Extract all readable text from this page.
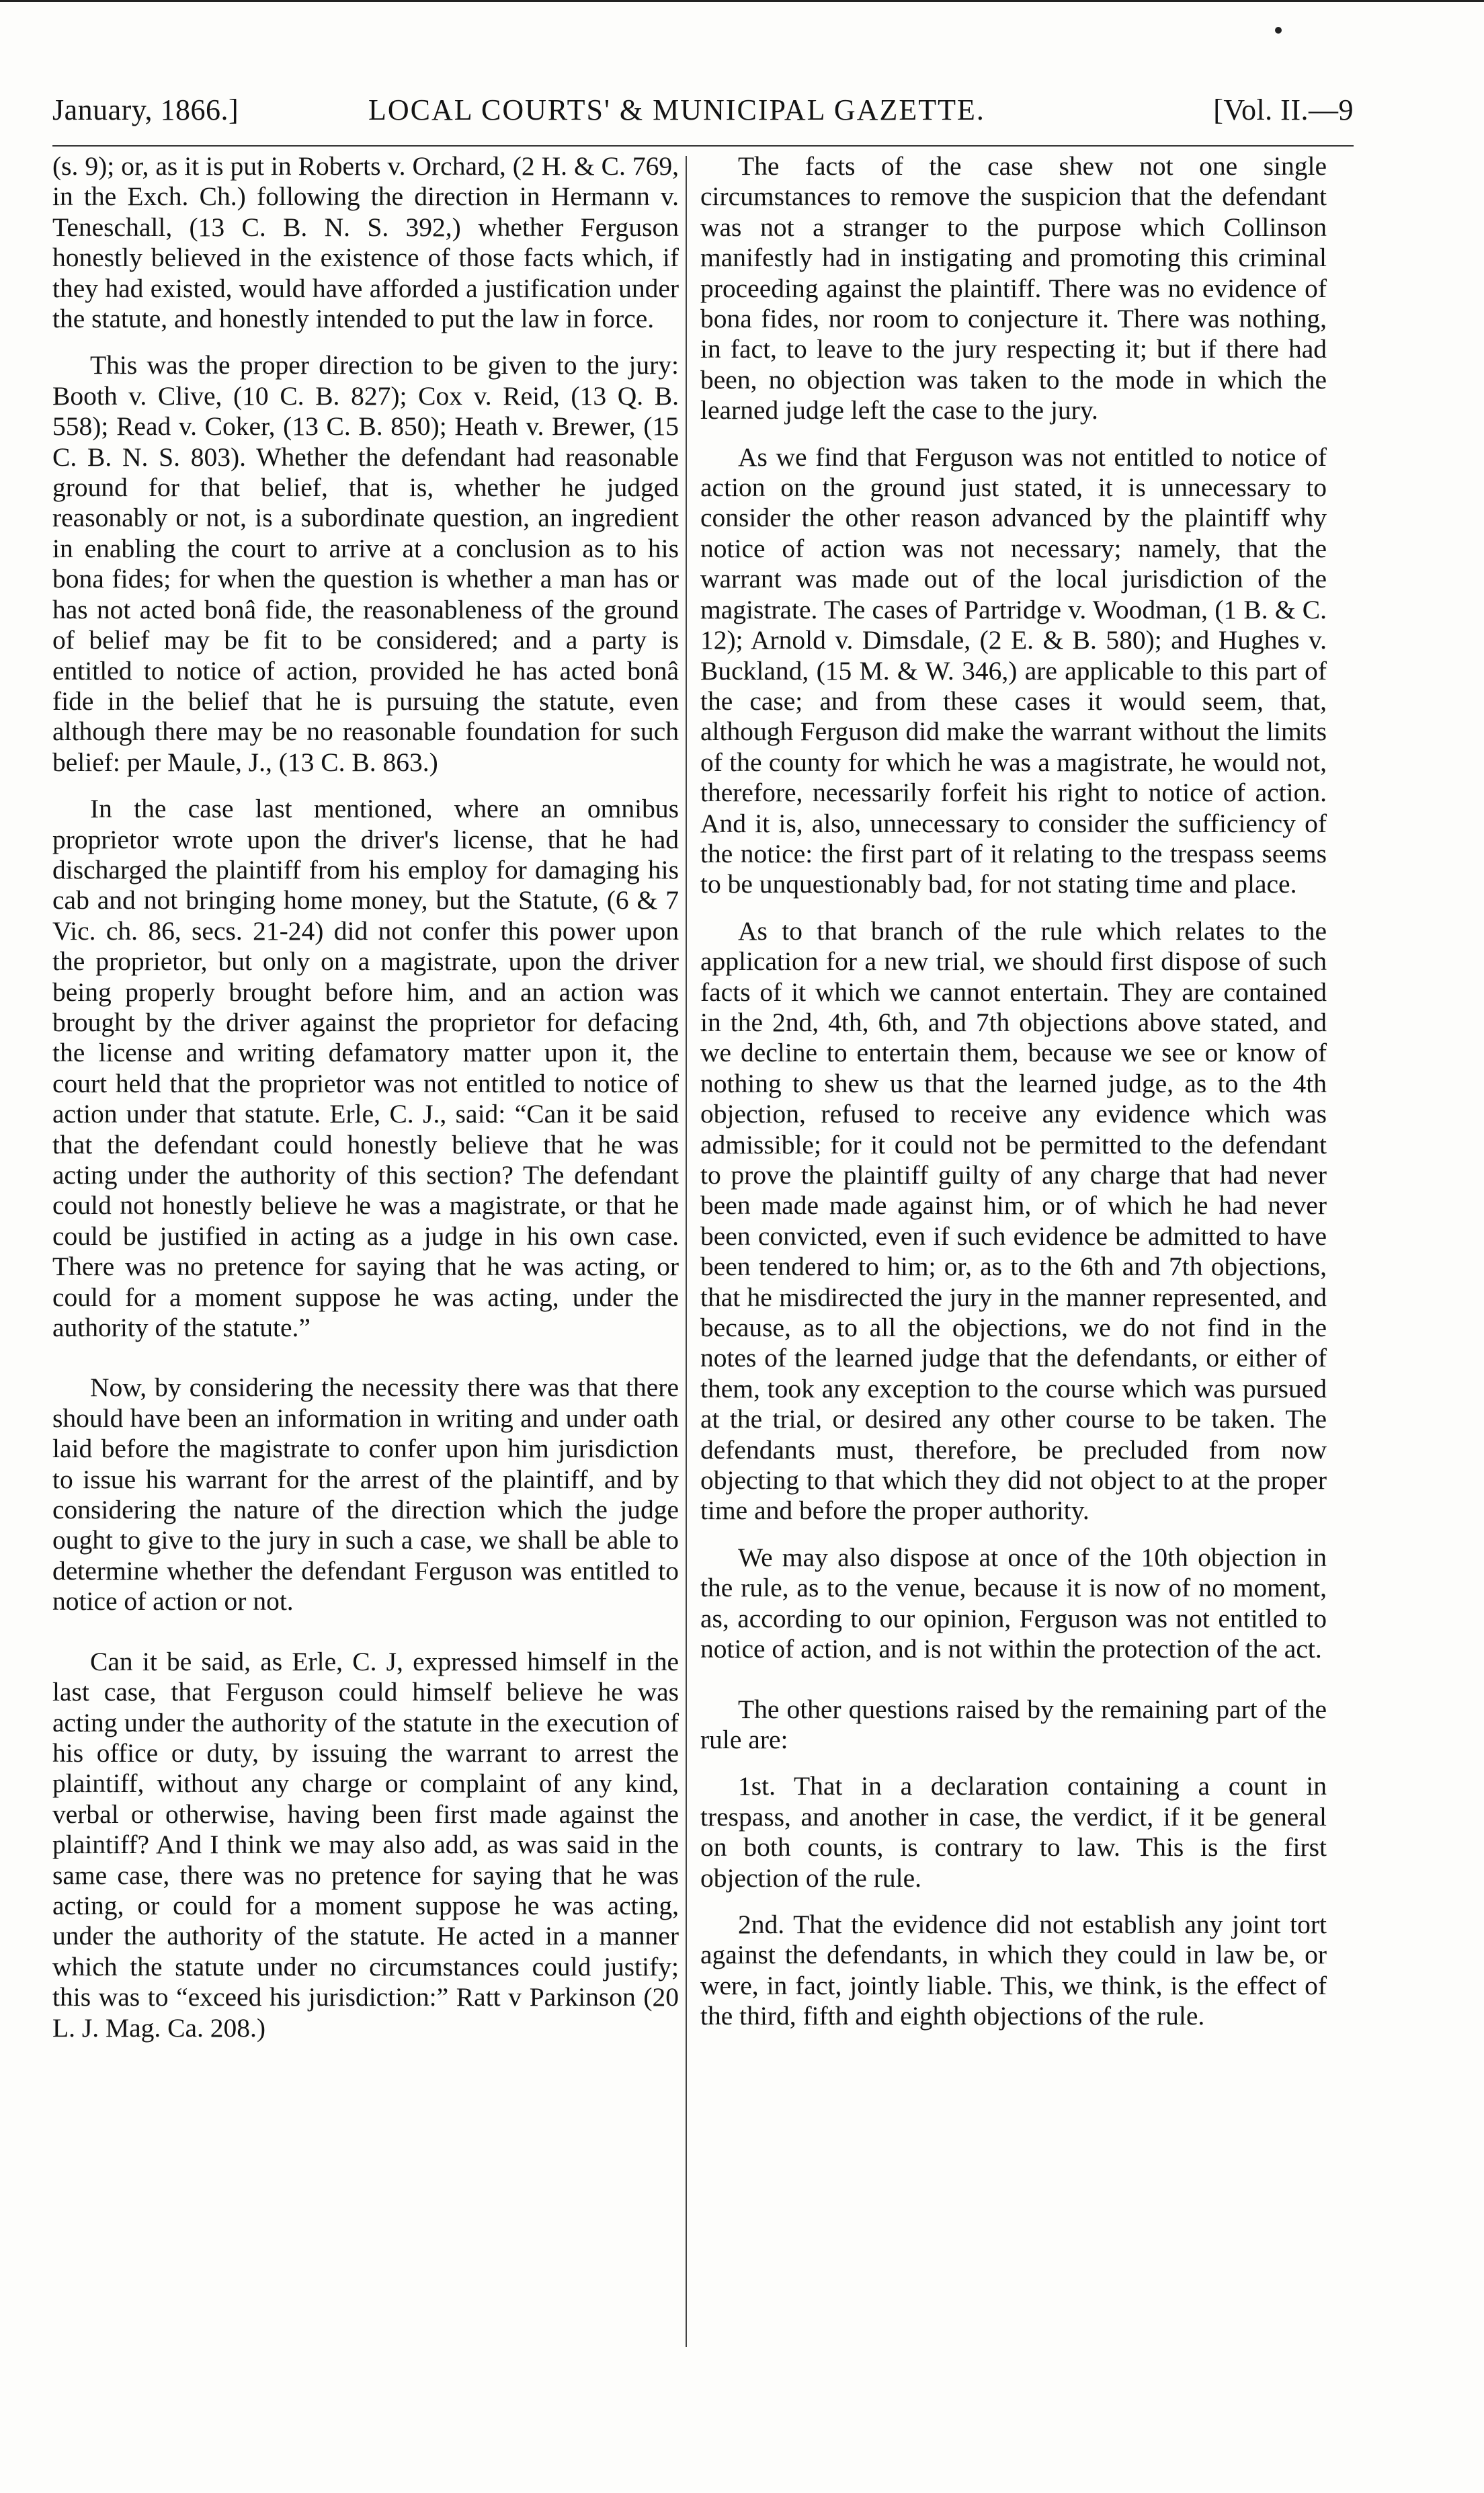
January, 1866.]	LOCAL COURTS' & MUNICIPAL GAZETTE.	[Vol. II.—9

(s. 9); or, as it is put in Roberts v. Orchard, (2 H. & C. 769, in the Exch. Ch.) following the direction in Hermann v. Teneschall, (13 C. B. N. S. 392,) whether Ferguson honestly believed in the existence of those facts which, if they had existed, would have afforded a justification under the statute, and honestly intended to put the law in force.

This was the proper direction to be given to the jury: Booth v. Clive, (10 C. B. 827); Cox v. Reid, (13 Q. B. 558); Read v. Coker, (13 C. B. 850); Heath v. Brewer, (15 C. B. N. S. 803). Whether the defendant had reasonable ground for that belief, that is, whether he judged reasonably or not, is a subordinate question, an ingredient in enabling the court to arrive at a conclusion as to his bona fides; for when the question is whether a man has or has not acted bonâ fide, the reasonableness of the ground of belief may be fit to be considered; and a party is entitled to notice of action, provided he has acted bonâ fide in the belief that he is pursuing the statute, even although there may be no reasonable foundation for such belief: per Maule, J., (13 C. B. 863.)

In the case last mentioned, where an omnibus proprietor wrote upon the driver's license, that he had discharged the plaintiff from his employ for damaging his cab and not bringing home money, but the Statute, (6 & 7 Vic. ch. 86, secs. 21-24) did not confer this power upon the proprietor, but only on a magistrate, upon the driver being properly brought before him, and an action was brought by the driver against the proprietor for defacing the license and writing defamatory matter upon it, the court held that the proprietor was not entitled to notice of action under that statute. Erle, C. J., said: “Can it be said that the defendant could honestly believe that he was acting under the authority of this section? The defendant could not honestly believe he was a magistrate, or that he could be justified in acting as a judge in his own case. There was no pretence for saying that he was acting, or could for a moment suppose he was acting, under the authority of the statute.”

Now, by considering the necessity there was that there should have been an information in writing and under oath laid before the magistrate to confer upon him jurisdiction to issue his warrant for the arrest of the plaintiff, and by considering the nature of the direction which the judge ought to give to the jury in such a case, we shall be able to determine whether the defendant Ferguson was entitled to notice of action or not.

Can it be said, as Erle, C. J, expressed himself in the last case, that Ferguson could himself believe he was acting under the authority of the statute in the execution of his office or duty, by issuing the warrant to arrest the plaintiff, without any charge or complaint of any kind, verbal or otherwise, having been first made against the plaintiff? And I think we may also add, as was said in the same case, there was no pretence for saying that he was acting, or could for a moment suppose he was acting, under the authority of the statute. He acted in a manner which the statute under no circumstances could justify; this was to “exceed his jurisdiction:” Ratt v Parkinson (20 L. J. Mag. Ca. 208.)

The facts of the case shew not one single circumstances to remove the suspicion that the defendant was not a stranger to the purpose which Collinson manifestly had in instigating and promoting this criminal proceeding against the plaintiff. There was no evidence of bona fides, nor room to conjecture it. There was nothing, in fact, to leave to the jury respecting it; but if there had been, no objection was taken to the mode in which the learned judge left the case to the jury.

As we find that Ferguson was not entitled to notice of action on the ground just stated, it is unnecessary to consider the other reason advanced by the plaintiff why notice of action was not necessary; namely, that the warrant was made out of the local jurisdiction of the magistrate. The cases of Partridge v. Woodman, (1 B. & C. 12); Arnold v. Dimsdale, (2 E. & B. 580); and Hughes v. Buckland, (15 M. & W. 346,) are applicable to this part of the case; and from these cases it would seem, that, although Ferguson did make the warrant without the limits of the county for which he was a magistrate, he would not, therefore, necessarily forfeit his right to notice of action. And it is, also, unnecessary to consider the sufficiency of the notice: the first part of it relating to the trespass seems to be unquestionably bad, for not stating time and place.

As to that branch of the rule which relates to the application for a new trial, we should first dispose of such facts of it which we cannot entertain. They are contained in the 2nd, 4th, 6th, and 7th objections above stated, and we decline to entertain them, because we see or know of nothing to shew us that the learned judge, as to the 4th objection, refused to receive any evidence which was admissible; for it could not be permitted to the defendant to prove the plaintiff guilty of any charge that had never been made made against him, or of which he had never been convicted, even if such evidence be admitted to have been tendered to him; or, as to the 6th and 7th objections, that he misdirected the jury in the manner represented, and because, as to all the objections, we do not find in the notes of the learned judge that the defendants, or either of them, took any exception to the course which was pursued at the trial, or desired any other course to be taken. The defendants must, therefore, be precluded from now objecting to that which they did not object to at the proper time and before the proper authority.

We may also dispose at once of the 10th objection in the rule, as to the venue, because it is now of no moment, as, according to our opinion, Ferguson was not entitled to notice of action, and is not within the protection of the act.

The other questions raised by the remaining part of the rule are:

1st. That in a declaration containing a count in trespass, and another in case, the verdict, if it be general on both counts, is contrary to law. This is the first objection of the rule.

2nd. That the evidence did not establish any joint tort against the defendants, in which they could in law be, or were, in fact, jointly liable. This, we think, is the effect of the third, fifth and eighth objections of the rule.
